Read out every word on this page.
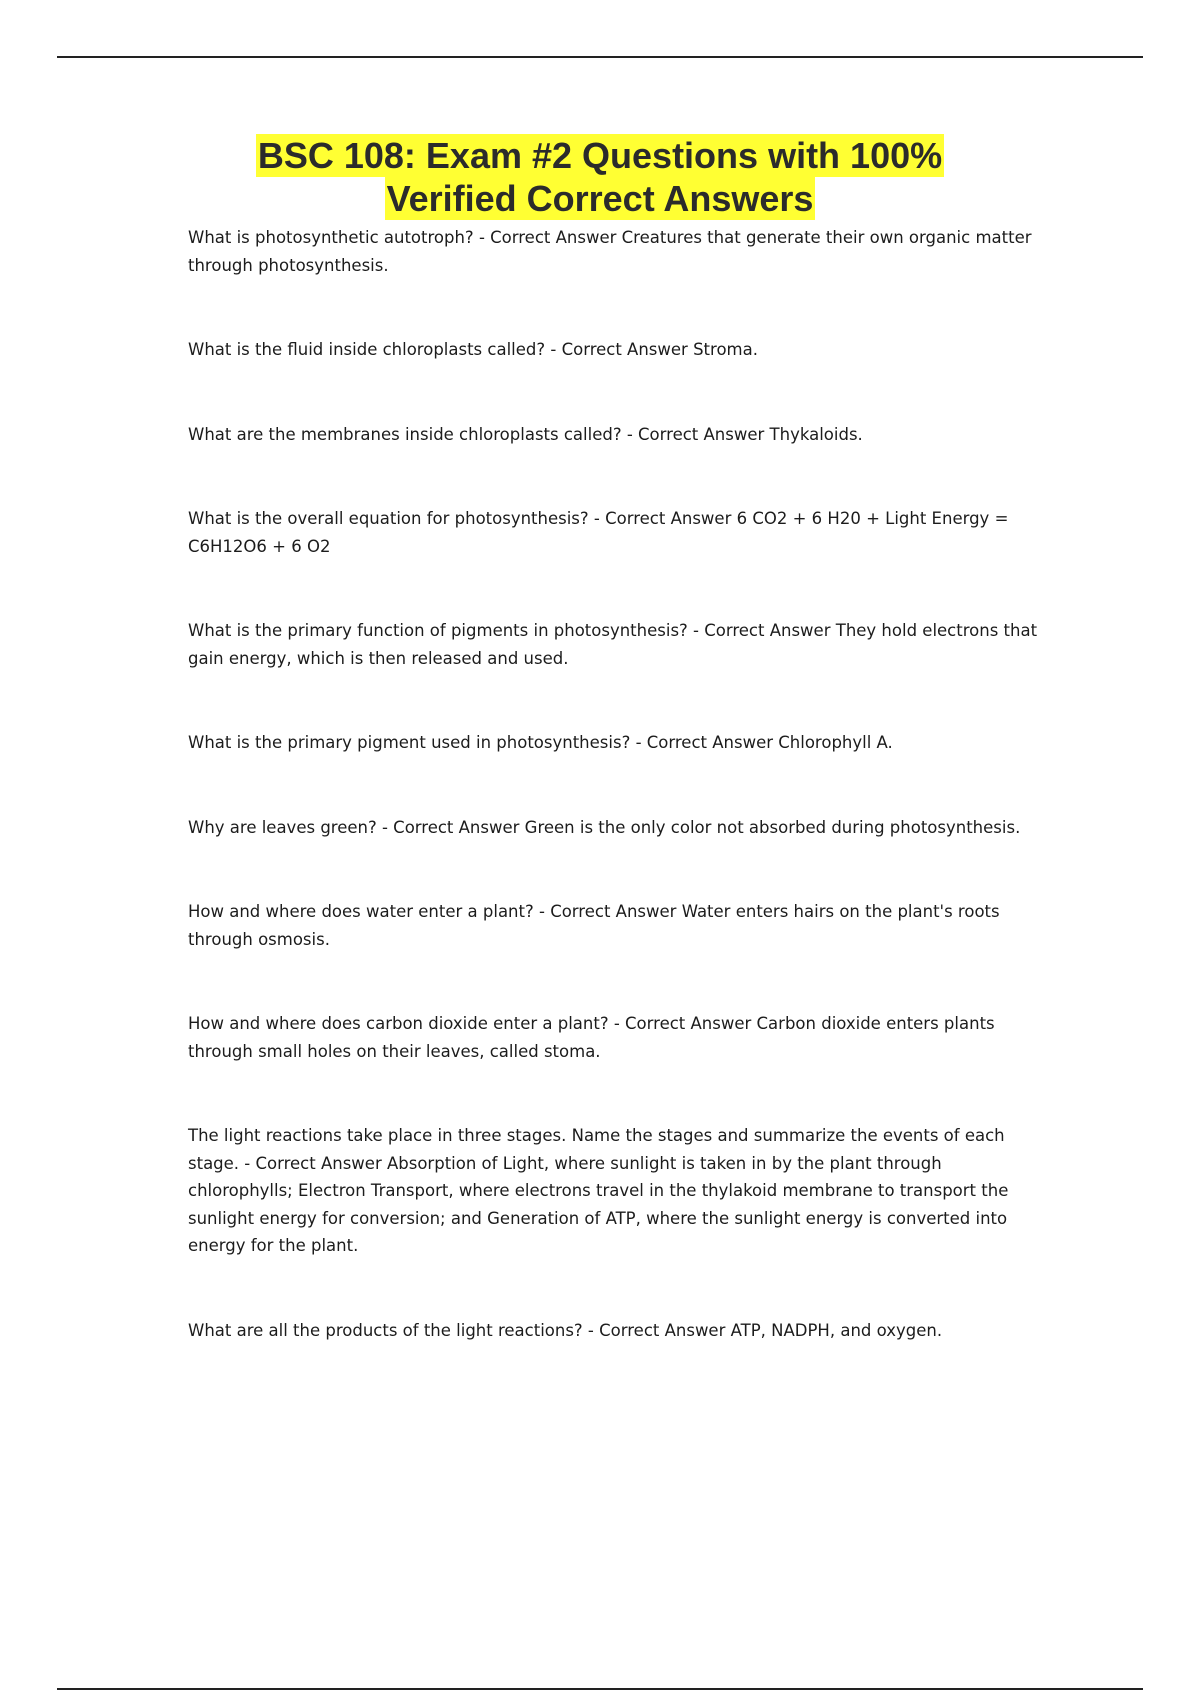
BSC 108: Exam #2 Questions with 100%
Verified Correct Answers

What is photosynthetic autotroph? - Correct Answer Creatures that generate their own organic matter through photosynthesis.

What is the fluid inside chloroplasts called? - Correct Answer Stroma.

What are the membranes inside chloroplasts called? - Correct Answer Thykaloids.

What is the overall equation for photosynthesis? - Correct Answer 6 CO2 + 6 H20 + Light Energy = C6H12O6 + 6 O2

What is the primary function of pigments in photosynthesis? - Correct Answer They hold electrons that gain energy, which is then released and used.

What is the primary pigment used in photosynthesis? - Correct Answer Chlorophyll A.

Why are leaves green? - Correct Answer Green is the only color not absorbed during photosynthesis.

How and where does water enter a plant? - Correct Answer Water enters hairs on the plant's roots through osmosis.

How and where does carbon dioxide enter a plant? - Correct Answer Carbon dioxide enters plants through small holes on their leaves, called stoma.

The light reactions take place in three stages. Name the stages and summarize the events of each stage. - Correct Answer Absorption of Light, where sunlight is taken in by the plant through chlorophylls; Electron Transport, where electrons travel in the thylakoid membrane to transport the sunlight energy for conversion; and Generation of ATP, where the sunlight energy is converted into energy for the plant.

What are all the products of the light reactions? - Correct Answer ATP, NADPH, and oxygen.
